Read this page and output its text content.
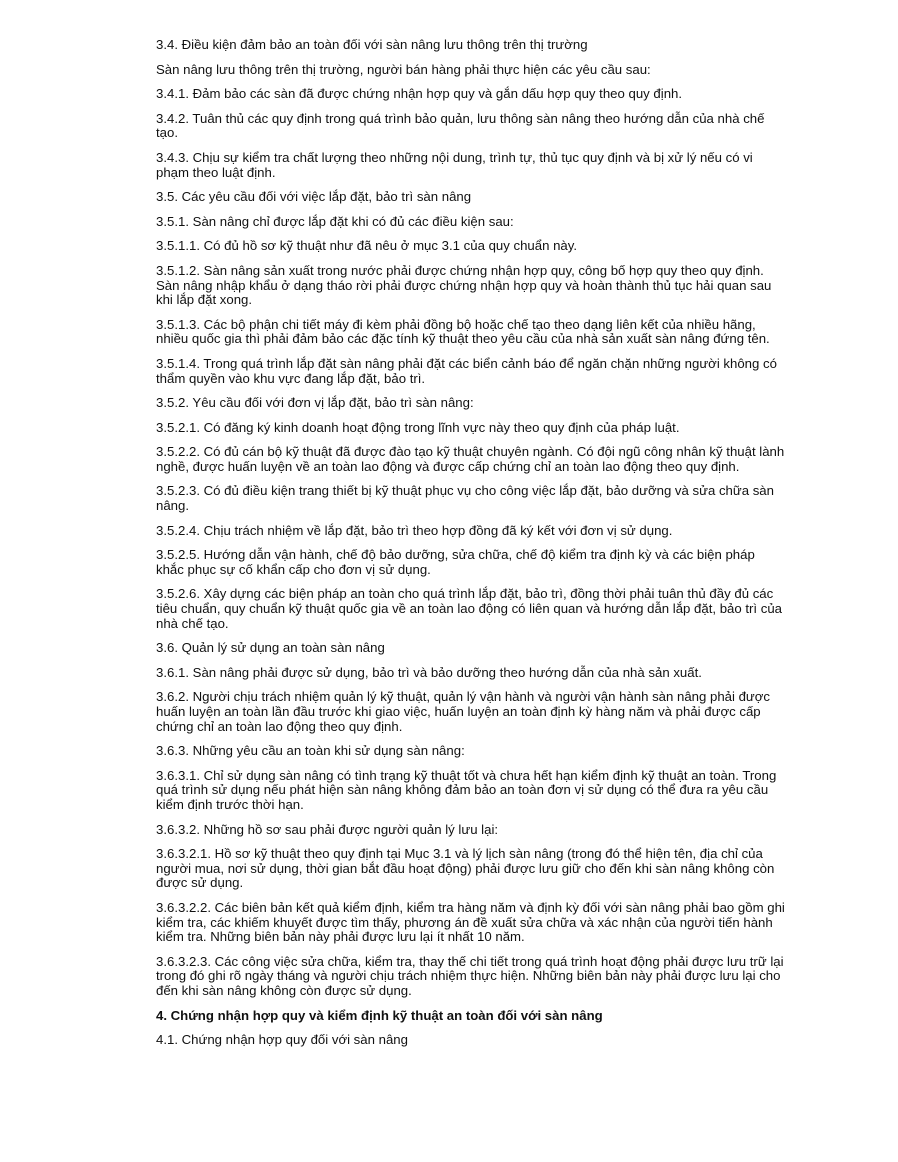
3.4. Điều kiện đảm bảo an toàn đối với sàn nâng lưu thông trên thị trường

Sàn nâng lưu thông trên thị trường, người bán hàng phải thực hiện các yêu cầu sau:

3.4.1. Đảm bảo các sàn đã được chứng nhận hợp quy và gắn dấu hợp quy theo quy định.

3.4.2. Tuân thủ các quy định trong quá trình bảo quản, lưu thông sàn nâng theo hướng dẫn của nhà chế tạo.

3.4.3. Chịu sự kiểm tra chất lượng theo những nội dung, trình tự, thủ tục quy định và bị xử lý nếu có vi phạm theo luật định.

3.5. Các yêu cầu đối với việc lắp đặt, bảo trì sàn nâng

3.5.1. Sàn nâng chỉ được lắp đặt khi có đủ các điều kiện sau:

3.5.1.1. Có đủ hồ sơ kỹ thuật như đã nêu ở mục 3.1 của quy chuẩn này.

3.5.1.2. Sàn nâng sản xuất trong nước phải được chứng nhận hợp quy, công bố hợp quy theo quy định. Sàn nâng nhập khẩu ở dạng tháo rời phải được chứng nhận hợp quy và hoàn thành thủ tục hải quan sau khi lắp đặt xong.

3.5.1.3. Các bộ phận chi tiết máy đi kèm phải đồng bộ hoặc chế tạo theo dạng liên kết của nhiều hãng, nhiều quốc gia thì phải đảm bảo các đặc tính kỹ thuật theo yêu cầu của nhà sản xuất sàn nâng đứng tên.

3.5.1.4. Trong quá trình lắp đặt sàn nâng phải đặt các biển cảnh báo để ngăn chặn những người không có thẩm quyền vào khu vực đang lắp đặt, bảo trì.

3.5.2. Yêu cầu đối với đơn vị lắp đặt, bảo trì sàn nâng:

3.5.2.1. Có đăng ký kinh doanh hoạt động trong lĩnh vực này theo quy định của pháp luật.

3.5.2.2. Có đủ cán bộ kỹ thuật đã được đào tạo kỹ thuật chuyên ngành. Có đội ngũ công nhân kỹ thuật lành nghề, được huấn luyện về an toàn lao động và được cấp chứng chỉ an toàn lao động theo quy định.

3.5.2.3. Có đủ điều kiện trang thiết bị kỹ thuật phục vụ cho công việc lắp đặt, bảo dưỡng và sửa chữa sàn nâng.

3.5.2.4. Chịu trách nhiệm về lắp đặt, bảo trì theo hợp đồng đã ký kết với đơn vị sử dụng.

3.5.2.5. Hướng dẫn vận hành, chế độ bảo dưỡng, sửa chữa, chế độ kiểm tra định kỳ và các biện pháp khắc phục sự cố khẩn cấp cho đơn vị sử dụng.

3.5.2.6. Xây dựng các biện pháp an toàn cho quá trình lắp đặt, bảo trì, đồng thời phải tuân thủ đầy đủ các tiêu chuẩn, quy chuẩn kỹ thuật quốc gia về an toàn lao động có liên quan và hướng dẫn lắp đặt, bảo trì của nhà chế tạo.

3.6. Quản lý sử dụng an toàn sàn nâng

3.6.1. Sàn nâng phải được sử dụng, bảo trì và bảo dưỡng theo hướng dẫn của nhà sản xuất.

3.6.2. Người chịu trách nhiệm quản lý kỹ thuật, quản lý vận hành và người vận hành sàn nâng phải được huấn luyện an toàn lần đầu trước khi giao việc, huấn luyện an toàn định kỳ hàng năm và phải được cấp chứng chỉ an toàn lao động theo quy định.

3.6.3. Những yêu cầu an toàn khi sử dụng sàn nâng:

3.6.3.1. Chỉ sử dụng sàn nâng có tình trạng kỹ thuật tốt và chưa hết hạn kiểm định kỹ thuật an toàn. Trong quá trình sử dụng nếu phát hiện sàn nâng không đảm bảo an toàn đơn vị sử dụng có thể đưa ra yêu cầu kiểm định trước thời hạn.

3.6.3.2. Những hồ sơ sau phải được người quản lý lưu lại:

3.6.3.2.1. Hồ sơ kỹ thuật theo quy định tại Mục 3.1 và lý lịch sàn nâng (trong đó thể hiện tên, địa chỉ của người mua, nơi sử dụng, thời gian bắt đầu hoạt động) phải được lưu giữ cho đến khi sàn nâng không còn được sử dụng.

3.6.3.2.2. Các biên bản kết quả kiểm định, kiểm tra hàng năm và định kỳ đối với sàn nâng phải bao gồm ghi kiểm tra, các khiếm khuyết được tìm thấy, phương án đề xuất sửa chữa và xác nhận của người tiến hành kiểm tra. Những biên bản này phải được lưu lại ít nhất 10 năm.

3.6.3.2.3. Các công việc sửa chữa, kiểm tra, thay thế chi tiết trong quá trình hoạt động phải được lưu trữ lại trong đó ghi rõ ngày tháng và người chịu trách nhiệm thực hiện. Những biên bản này phải được lưu lại cho đến khi sàn nâng không còn được sử dụng.

4. Chứng nhận hợp quy và kiểm định kỹ thuật an toàn đối với sàn nâng

4.1. Chứng nhận hợp quy đối với sàn nâng
